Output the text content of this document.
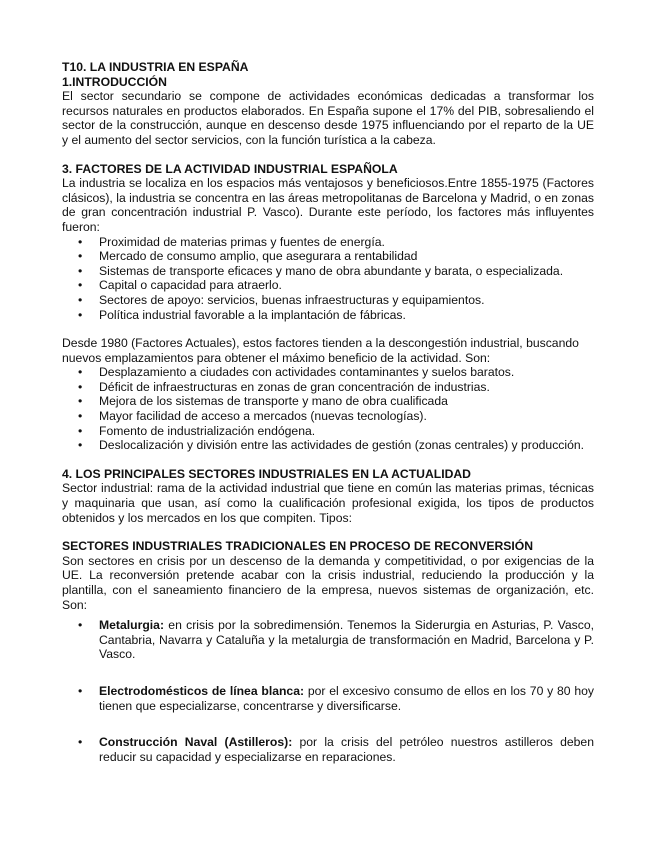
T10. LA INDUSTRIA EN ESPAÑA
1.INTRODUCCIÓN

El sector secundario se compone de actividades económicas dedicadas a transformar los recursos naturales en productos elaborados. En España supone el 17% del PIB, sobresaliendo el sector de la construcción, aunque en descenso desde 1975 influenciando por el reparto de la UE y el aumento del sector servicios, con la función turística a la cabeza.

3. FACTORES DE LA ACTIVIDAD INDUSTRIAL ESPAÑOLA

La industria se localiza en los espacios más ventajosos y beneficiosos.Entre 1855-1975 (Factores clásicos), la industria se concentra en las áreas metropolitanas de Barcelona y Madrid, o en zonas de gran concentración industrial P. Vasco). Durante este período, los factores más influyentes fueron:

• Proximidad de materias primas y fuentes de energía.
• Mercado de consumo amplio, que asegurara a rentabilidad
• Sistemas de transporte eficaces y mano de obra abundante y barata, o especializada.
• Capital o capacidad para atraerlo.
• Sectores de apoyo: servicios, buenas infraestructuras y equipamientos.
• Política industrial favorable a la implantación de fábricas.

Desde 1980 (Factores Actuales), estos factores tienden a la descongestión industrial, buscando nuevos emplazamientos para obtener el máximo beneficio de la actividad. Son:

• Desplazamiento a ciudades con actividades contaminantes y suelos baratos.
• Déficit de infraestructuras en zonas de gran concentración de industrias.
• Mejora de los sistemas de transporte y mano de obra cualificada
• Mayor facilidad de acceso a mercados (nuevas tecnologías).
• Fomento de industrialización endógena.
• Deslocalización y división entre las actividades de gestión (zonas centrales) y producción.
4. LOS PRINCIPALES SECTORES INDUSTRIALES EN LA ACTUALIDAD

Sector industrial: rama de la actividad industrial que tiene en común las materias primas, técnicas y maquinaria que usan, así como la cualificación profesional exigida, los tipos de productos obtenidos y los mercados en los que compiten. Tipos:

SECTORES INDUSTRIALES TRADICIONALES EN PROCESO DE RECONVERSIÓN

Son sectores en crisis por un descenso de la demanda y competitividad, o por exigencias de la UE. La reconversión pretende acabar con la crisis industrial, reduciendo la producción y la plantilla, con el saneamiento financiero de la empresa, nuevos sistemas de organización, etc. Son:

• Metalurgia: en crisis por la sobredimensión. Tenemos la Siderurgia en Asturias, P. Vasco, Cantabria, Navarra y Cataluña y la metalurgia de transformación en Madrid, Barcelona y P. Vasco.
• Electrodomésticos de línea blanca: por el excesivo consumo de ellos en los 70 y 80 hoy tienen que especializarse, concentrarse y diversificarse.
• Construcción Naval (Astilleros): por la crisis del petróleo nuestros astilleros deben reducir su capacidad y especializarse en reparaciones.
